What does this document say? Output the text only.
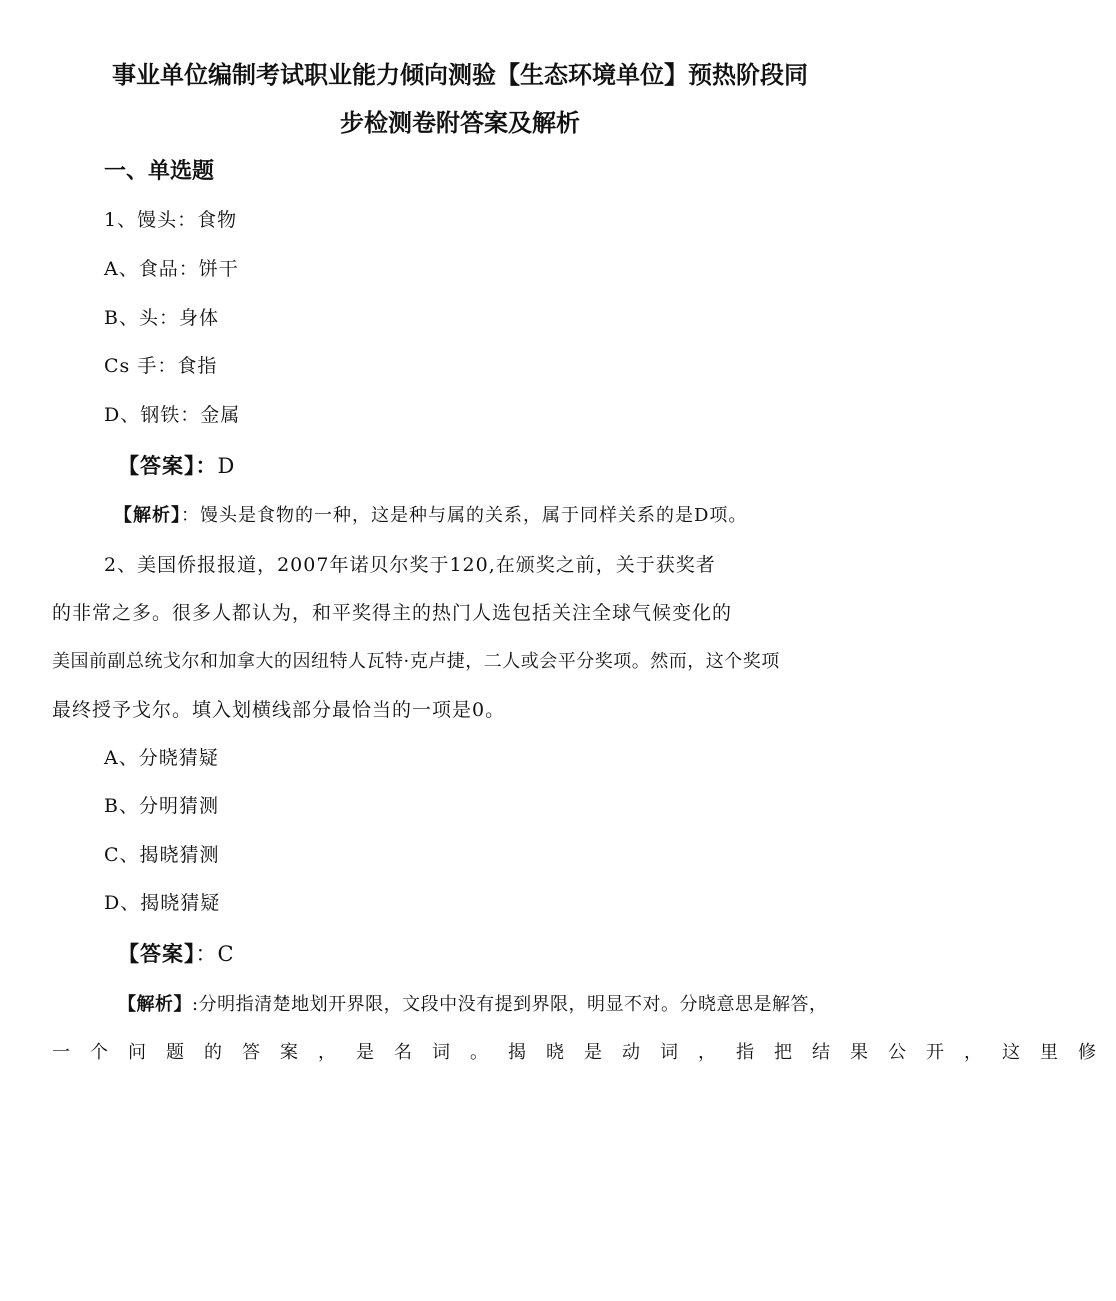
事业单位编制考试职业能力倾向测验【生态环境单位】预热阶段同
步检测卷附答案及解析
一、单选题
1、馒头：食物
A、食品：饼干
B、头：身体
Cs 手：食指
D、钢铁：金属
【答案】：D
【解析】：馒头是食物的一种，这是种与属的关系，属于同样关系的是D项。
2、美国侨报报道，2007年诺贝尔奖于120,在颁奖之前，关于获奖者
的非常之多。很多人都认为，和平奖得主的热门人选包括关注全球气候变化的
美国前副总统戈尔和加拿大的因纽特人瓦特·克卢捷，二人或会平分奖项。然而，这个奖项
最终授予戈尔。填入划横线部分最恰当的一项是0。
A、分晓猜疑
B、分明猜测
C、揭晓猜测
D、揭晓猜疑
【答案】：C
【解析】:分明指清楚地划开界限，文段中没有提到界限，明显不对。分晓意思是解答，
一个问题的答案，是名词。揭晓是动词，指把结果公开，这里修
